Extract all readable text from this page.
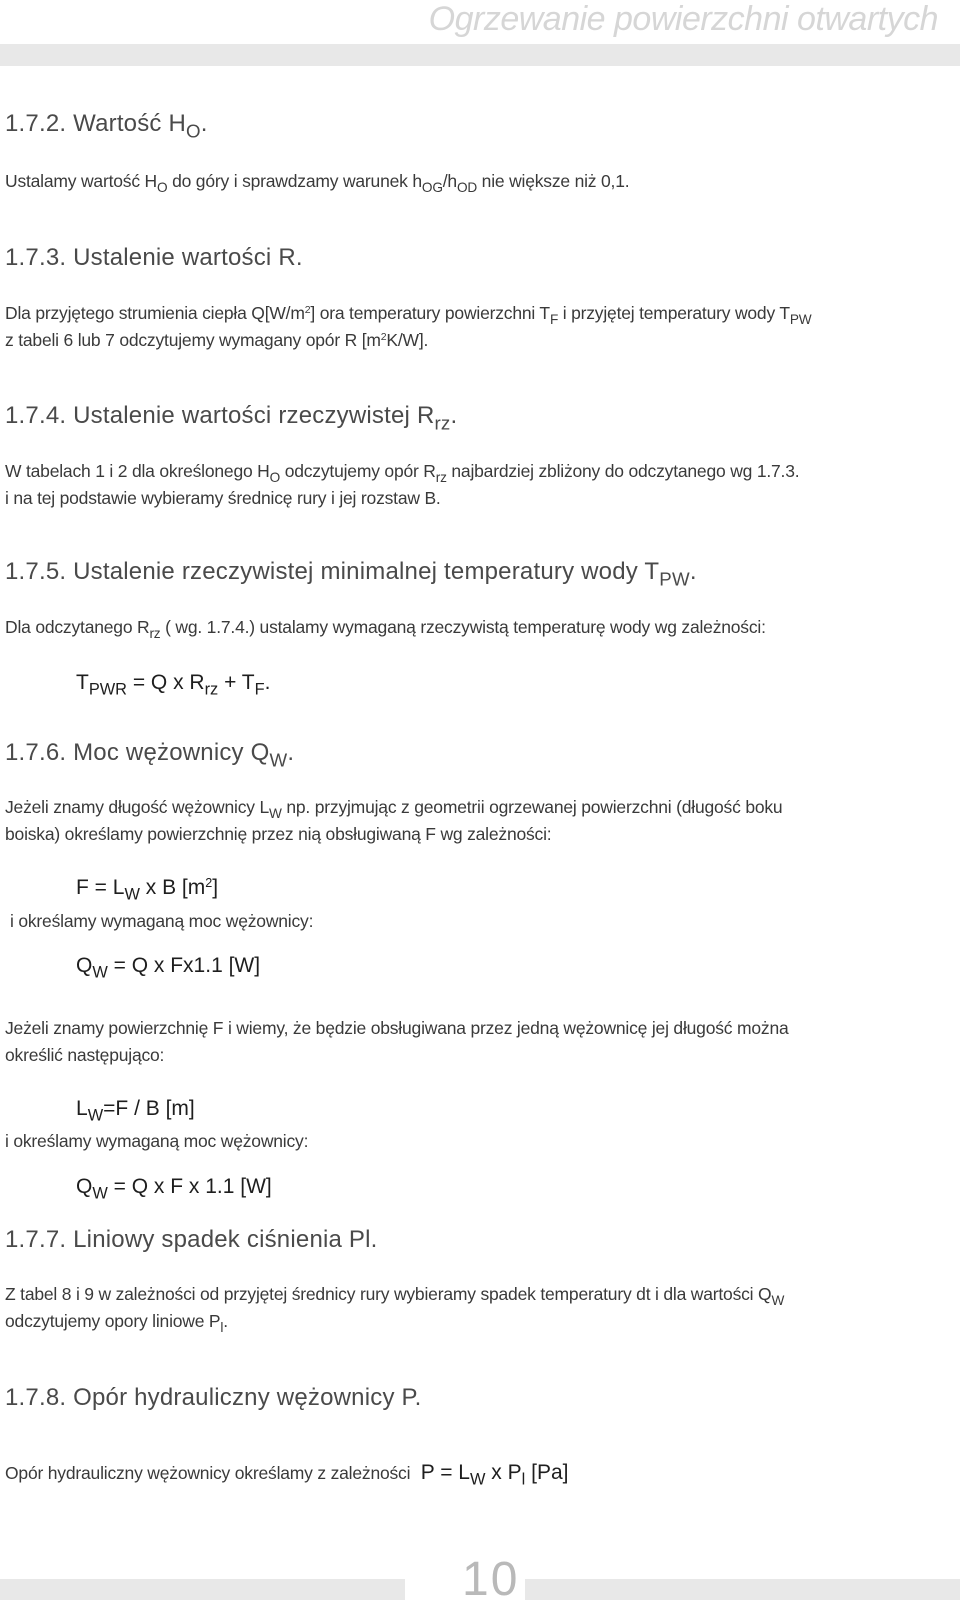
Ogrzewanie powierzchni otwartych
1.7.2. Wartość $H_O$.
Ustalamy wartość $H_O$ do góry i sprawdzamy warunek $h_{OG}/h_{OD}$ nie większe niż 0,1.
1.7.3. Ustalenie wartości R.
Dla przyjętego strumienia ciepła $Q[W/m^2]$ ora temperatury powierzchni $T_F$ i przyjętej temperatury wody $T_{PW}$
z tabeli 6 lub 7 odczytujemy wymagany opór R $[m^2K/W]$.
1.7.4. Ustalenie wartości rzeczywistej $R_{rz}$.
W tabelach 1 i 2 dla określonego $H_O$ odczytujemy opór $R_{rz}$ najbardziej zbliżony do odczytanego wg 1.7.3.
i na tej podstawie wybieramy średnicę rury i jej rozstaw B.
1.7.5. Ustalenie rzeczywistej minimalnej temperatury wody $T_{PW}$.
Dla odczytanego $R_{rz}$ ( wg. 1.7.4.) ustalamy wymaganą rzeczywistą temperaturę wody wg zależności:
$T_{PWR} = Q$ x $R_{rz} + T_F$.
1.7.6. Moc wężownicy $Q_W$.
Jeżeli znamy długość wężownicy $L_W$ np. przyjmując z geometrii ogrzewanej powierzchni (długość boku
boiska) określamy powierzchnię przez nią obsługiwaną F wg zależności:
$F = L_W$ x B $[m^2]$
i określamy wymaganą moc wężownicy:
$Q_W = Q$ x Fx1.1 [W]
Jeżeli znamy powierzchnię F i wiemy, że będzie obsługiwana przez jedną wężownicę jej długość można
określić następująco:
$L_W=F / B$ [m]
i określamy wymaganą moc wężownicy:
$Q_W = Q$ x F x 1.1 [W]
1.7.7. Liniowy spadek ciśnienia Pl.
Z tabel 8 i 9 w zależności od przyjętej średnicy rury wybieramy spadek temperatury dt i dla wartości $Q_W$
odczytujemy opory liniowe $P_l$.
1.7.8. Opór hydrauliczny wężownicy P.
Opór hydrauliczny wężownicy określamy z zależności $P = L_W$ x $P_l$ [Pa]
10
